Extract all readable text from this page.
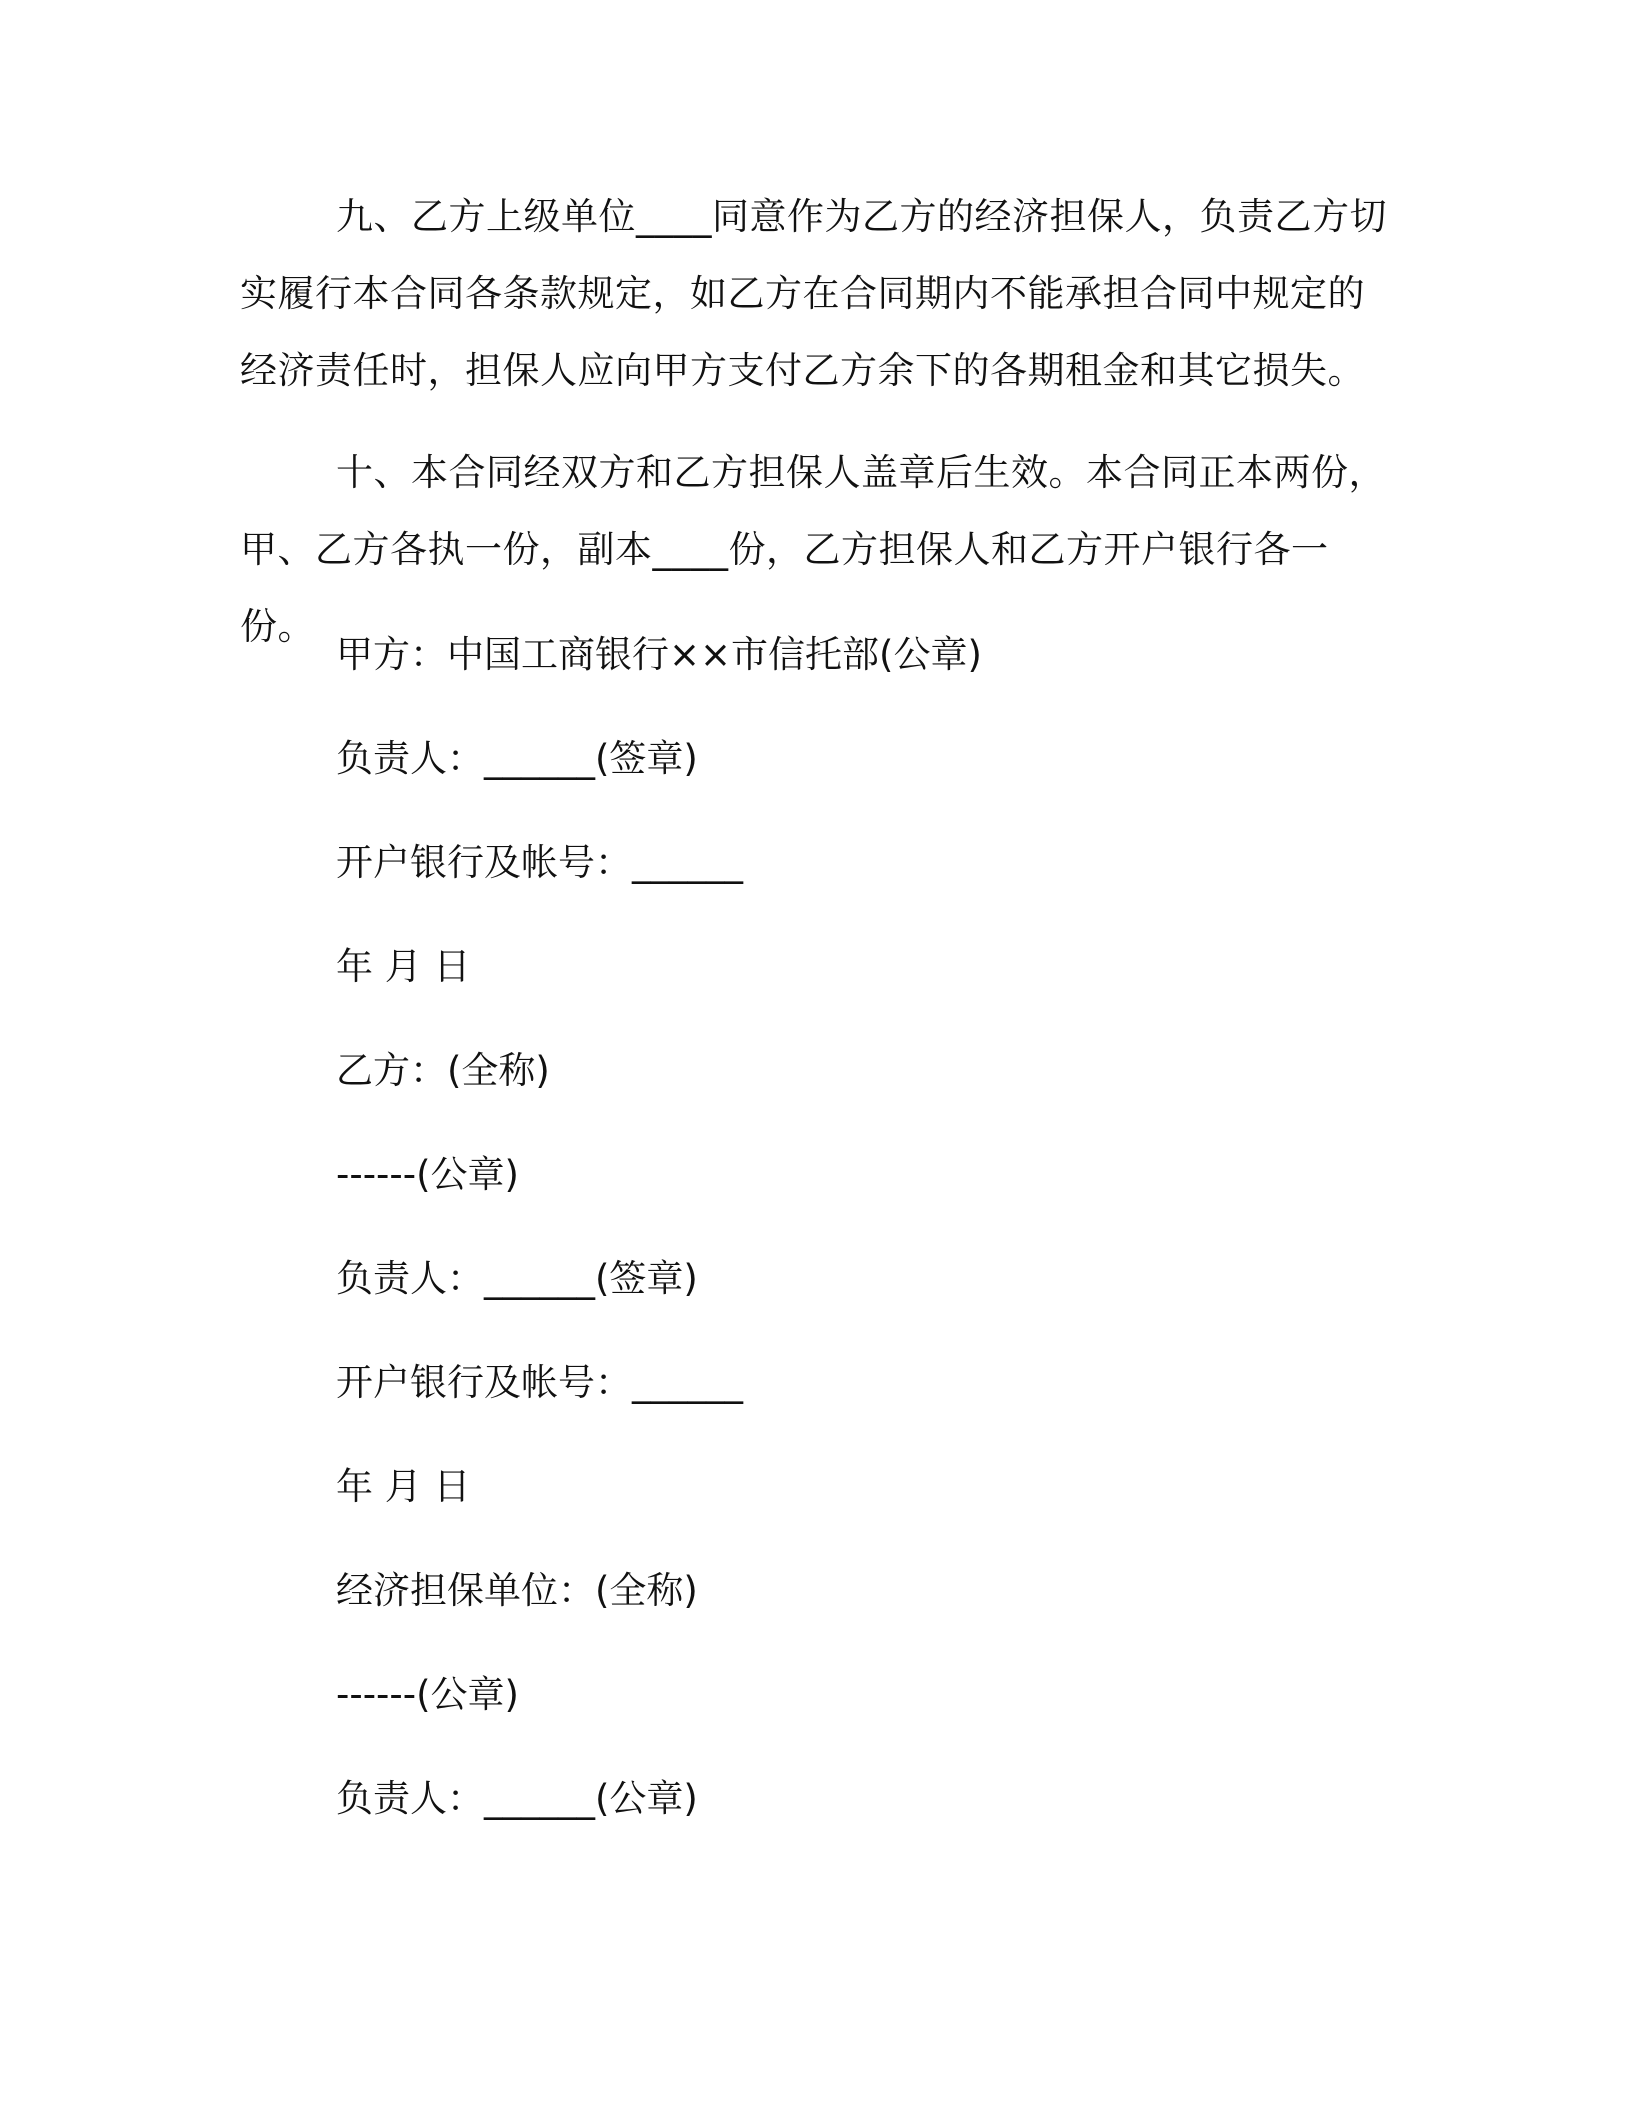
九、乙方上级单位____同意作为乙方的经济担保人，负责乙方切实履行本合同各条款规定，如乙方在合同期内不能承担合同中规定的经济责任时，担保人应向甲方支付乙方余下的各期租金和其它损失。

十、本合同经双方和乙方担保人盖章后生效。本合同正本两份，甲、乙方各执一份，副本____份，乙方担保人和乙方开户银行各一份。

甲方：中国工商银行××市信托部(公章)

负责人：______(签章)

开户银行及帐号：______

年 月 日

乙方：(全称)

------(公章)

负责人：______(签章)

开户银行及帐号：______

年 月 日

经济担保单位：(全称)

------(公章)

负责人：______(公章)
